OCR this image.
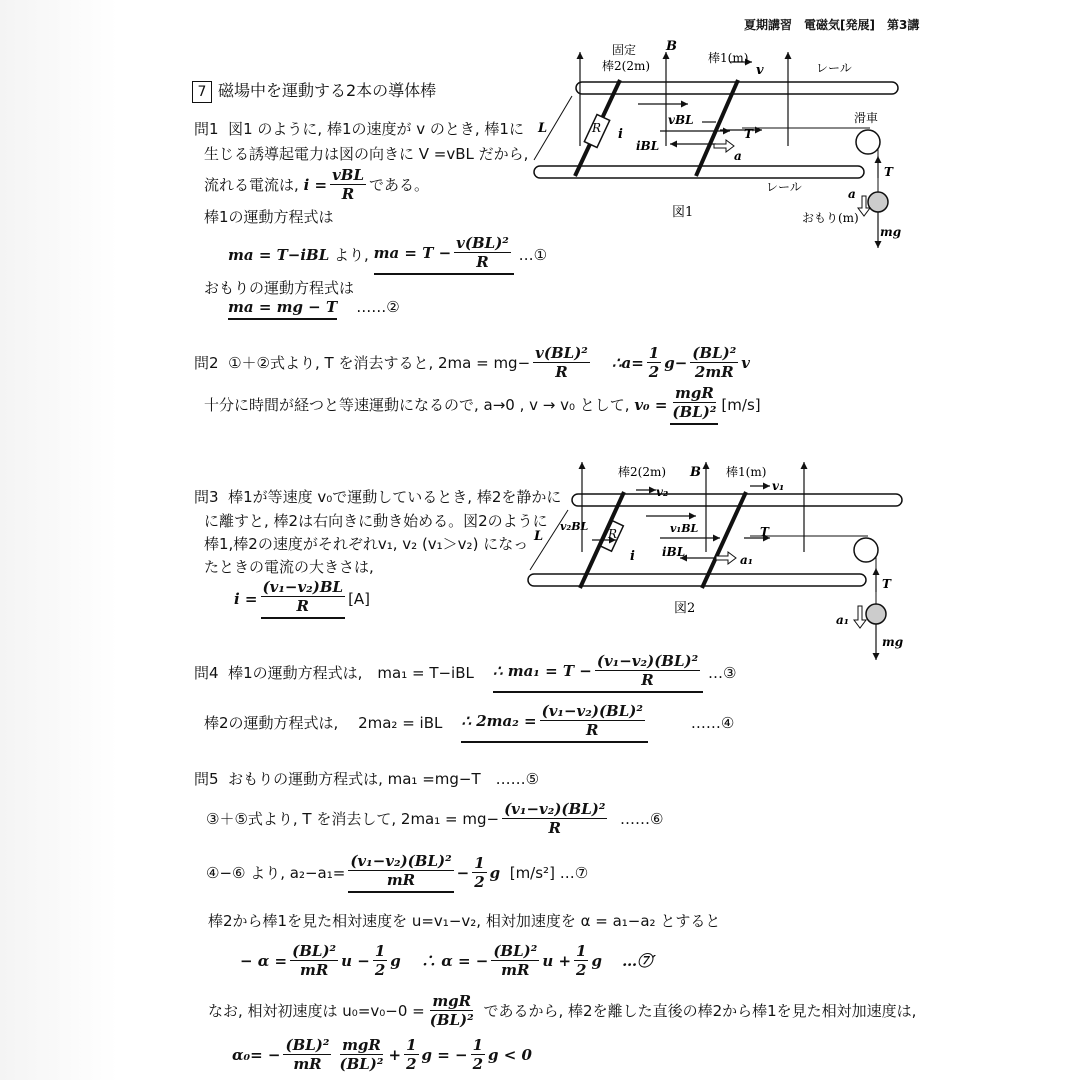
夏期講習　電磁気[発展]　第3講
7 磁場中を運動する2本の導体棒
問1 図1 のように, 棒1の速度が v のとき, 棒1に
生じる誘導起電力は図の向きに V =vBL だから,
流れる電流は,
$i = \frac{\text{vBL}}{R}$ である。
棒1の運動方程式は
ma = T−iBL
より,
ma = $T - \frac{\text{v(BL)²}}{R}$
…①
おもりの運動方程式は
ma = mg − T ……②
問2
①＋②式より, T を消去すると, $2ma = mg- \frac{\text{v(BL)²}}{R}$
∴a= $\frac{1}{2} g- \frac{\text{(BL)²}}{2mR}$ v
十分に時間が経つと等速運動になるので, a→0 , v → v₀ として,
$v_0 = \frac{\text{mgR}}{\text{(BL)²}} [m/s]$
問3 棒1が等速度 v₀で運動しているとき, 棒2を静かに
に離すと, 棒2は右向きに動き始める。図2のように
棒1,棒2の速度がそれぞれv₁, v₂ (v₁＞v₂) になっ
たときの電流の大きさは,
$i = \frac{\text{(v₁−v₂)BL}}{R} [A]$
問4
棒1の運動方程式は,　ma₁ = T−iBL
∴ $ma_1 = T - \frac{\text{(v₁−v₂)(BL)²}}{R}$
…③
棒2の運動方程式は,　 2ma₂ = iBL
∴ $2ma_2 = \frac{\text{(v₁−v₂)(BL)²}}{R}$
	……④
問5 おもりの運動方程式は, ma₁ =mg−T　……⑤
③＋⑤式より, T を消去して, $2ma_1 = mg- \frac{\text{(v₁−v₂)(BL)²}}{R}$
……⑥
④−⑥ より, $a_2-a_1= \frac{\text{(v₁−v₂)(BL)²}}{mR} - \frac{1}{2}$ g
[m/s²]
…⑦
棒2から棒1を見た相対速度を u=v₁−v₂, 相対加速度を α = a₁−a₂ とすると
− $\alpha = \frac{\text{(BL)²}}{mR}$ $u - \frac{1}{2}$ g　 ∴ α = − $\frac{\text{(BL)²}}{mR}$ $u + \frac{1}{2}$ g　 …⑦′
なお, 相対初速度は $u_0=v_0-0 = \frac{\text{mgR}}{\text{(BL)²}}$
であるから, 棒2を離した直後の棒2から棒1を見た相対加速度は,
$\alpha_0= - \frac{\text{(BL)²}}{mR} \frac{\text{mgR}}{\text{(BL)²}} + \frac{1}{2}$ g = − $\frac{1}{2}$ g < 0
固定
棒2(2m)
B
棒1(m)
v	レール
レール
滑車
L	R i
vBL
T
iBL
a
T
a
おもり(m)
mg
図1
棒2(2m)
v₂
B 棒1(m)
v₁
L
v₂BL
R	v₁BL	T
i iBL
a₁
T
a₁
mg
図2
